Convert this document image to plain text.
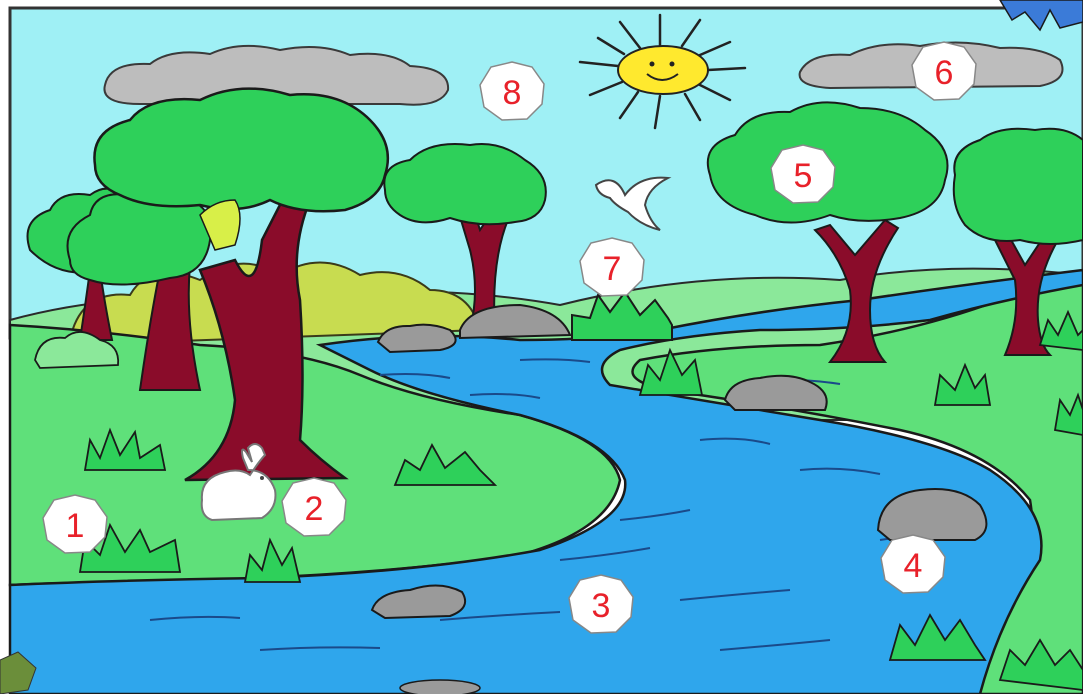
1	2
3
4
5
6
7
8
